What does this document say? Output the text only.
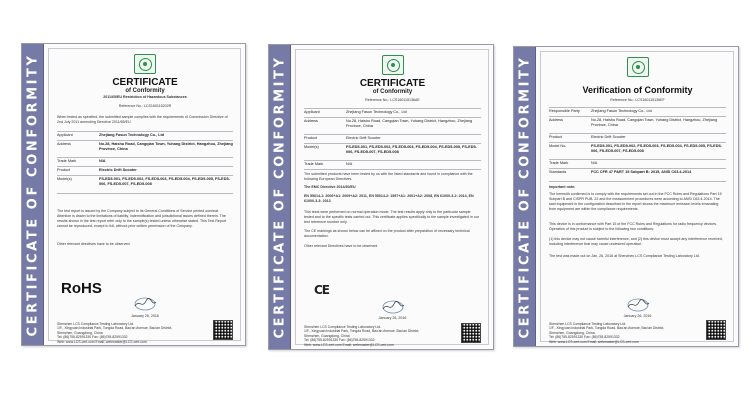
CERTIFICATE OF CONFORMITY	CERTIFICATE
of Conformity
2011/65/EU Restriction of Hazardous Substances
Reference No.: LCS160115202R
When tested as specified, the submitted sample complies with the requirements of Commission Directive of 2nd July 2011 amending Directive 2011/65/EU
Applicant	Zhejiang Fasun Technology Co., Ltd
Address	No.28, Haishu Road, Cangqian Town, Yuhang District, Hangzhou, Zhejiang Province, China
Trade Mark	N/A
Product	Electric Drift Scooter
Model(s)	FS-ED5-001, FS-ED5-002, FS-ED5-003, FS-ED5-004, FS-ED5-005, FS-ED5-006, FS-ED5-007, FS-ED5-008
The test report is issued by the Company subject to its General Conditions of Service printed overleaf. Attention is drawn to the limitations of liability, indemnification and jurisdictional issues defined therein. The results shown in the test report refer only to the sample(s) tested unless otherwise stated. This Test Report cannot be reproduced, except in full, without prior written permission of the Company.
Other relevant directives have to be observed.
RoHS
January 26, 2016
Shenzhen LCS Compliance Testing Laboratory Ltd.
1/F., Xingyuan Industrial Park, Tongda Road, Bao'an Avenue, Bao'an District,
Shenzhen, Guangdong, China
Tel: (86)755-82591330 Fax: (86)755-82591332
Web: www.LCS-cert.com Email: webmaster@LCS-cert.com
CERTIFICATE OF CONFORMITY	CERTIFICATE
of Conformity
Reference No.: LCS160115136AE
Applicant	Zhejiang Fasun Technology Co., Ltd
Address	No.28, Haishu Road, Cangqian Town, Yuhang District, Hangzhou, Zhejiang Province, China
Product	Electric Drift Scooter
Model(s)	FS-ED5-001, FS-ED5-002, FS-ED5-003, FS-ED5-004, FS-ED5-005, FS-ED5-006, FS-ED5-007, FS-ED5-008
Trade Mark	N/A
The submitted products have been tested by us with the listed standards and found in compliance with the following European Directives.
The EMC Directive 2014/30/EU
EN 55014-1: 2006+A1: 2009+A2: 2011, EN 55014-2: 1997+A1: 2001+A2: 2008, EN 61000-3-2: 2014, EN 61000-3-3: 2013
This tests were performed on normal operation mode. The test results apply only to the particular sample tested and to the specific tests carried out. This certificate applies specifically to the sample investigated in our test reference number only.
The CE markings as shown below can be affixed on the product after preparation of necessary technical documentation.
Other relevant Directives have to be observed.
CE
January 26, 2016
Shenzhen LCS Compliance Testing Laboratory Ltd.
1/F., Xingyuan Industrial Park, Tongda Road, Bao'an Avenue, Bao'an District,
Shenzhen, Guangdong, China
Tel: (86)755-82591330 Fax: (86)755-82591332
Web: www.LCS-cert.com Email: webmaster@LCS-cert.com
CERTIFICATE OF CONFORMITY	Verification of Conformity
Reference No.: LCS160115136EF
Responsible Party	Zhejiang Fasun Technology Co., Ltd
Address	No.28, Haishu Road, Cangqian Town, Yuhang District, Hangzhou, Zhejiang Province, China
Product	Electric Drift Scooter
Model No.	FS-ED5-001, FS-ED5-002, FS-ED5-003, FS-ED5-004, FS-ED5-005, FS-ED5-006, FS-ED5-007, FS-ED5-008
Trade Mark	N/A
Standards	FCC CFR 47 PART 15 Subpart B: 2015, ANSI C63.4-2014
Important note:
The herewith confirmed is to comply with the requirements set out in the FCC Rules and Regulations Part 15 Subpart B and CISPR PUB. 22 and the measurement procedures were according to ANSI C63.4-2014. The said equipment in the configuration described in the report shows the maximum emission levels emanating from equipment are within the compliance requirements.
This device is in conformance with Part 15 of the FCC Rules and Regulations for radio frequency devices. Operation of this product is subject to the following two conditions:
(1) this device may not cause harmful interference, and (2) this device must accept any interference received, including interference that may cause undesired operation.
The test was made out on Jan. 26, 2016 at Shenzhen LCS Compliance Testing Laboratory Ltd.
January 26, 2016
Shenzhen LCS Compliance Testing Laboratory Ltd.
1/F., Xingyuan Industrial Park, Tongda Road, Bao'an Avenue, Bao'an District,
Shenzhen, Guangdong, China
Tel: (86)755-82591330 Fax: (86)755-82591332
Web: www.LCS-cert.com Email: webmaster@LCS-cert.com
